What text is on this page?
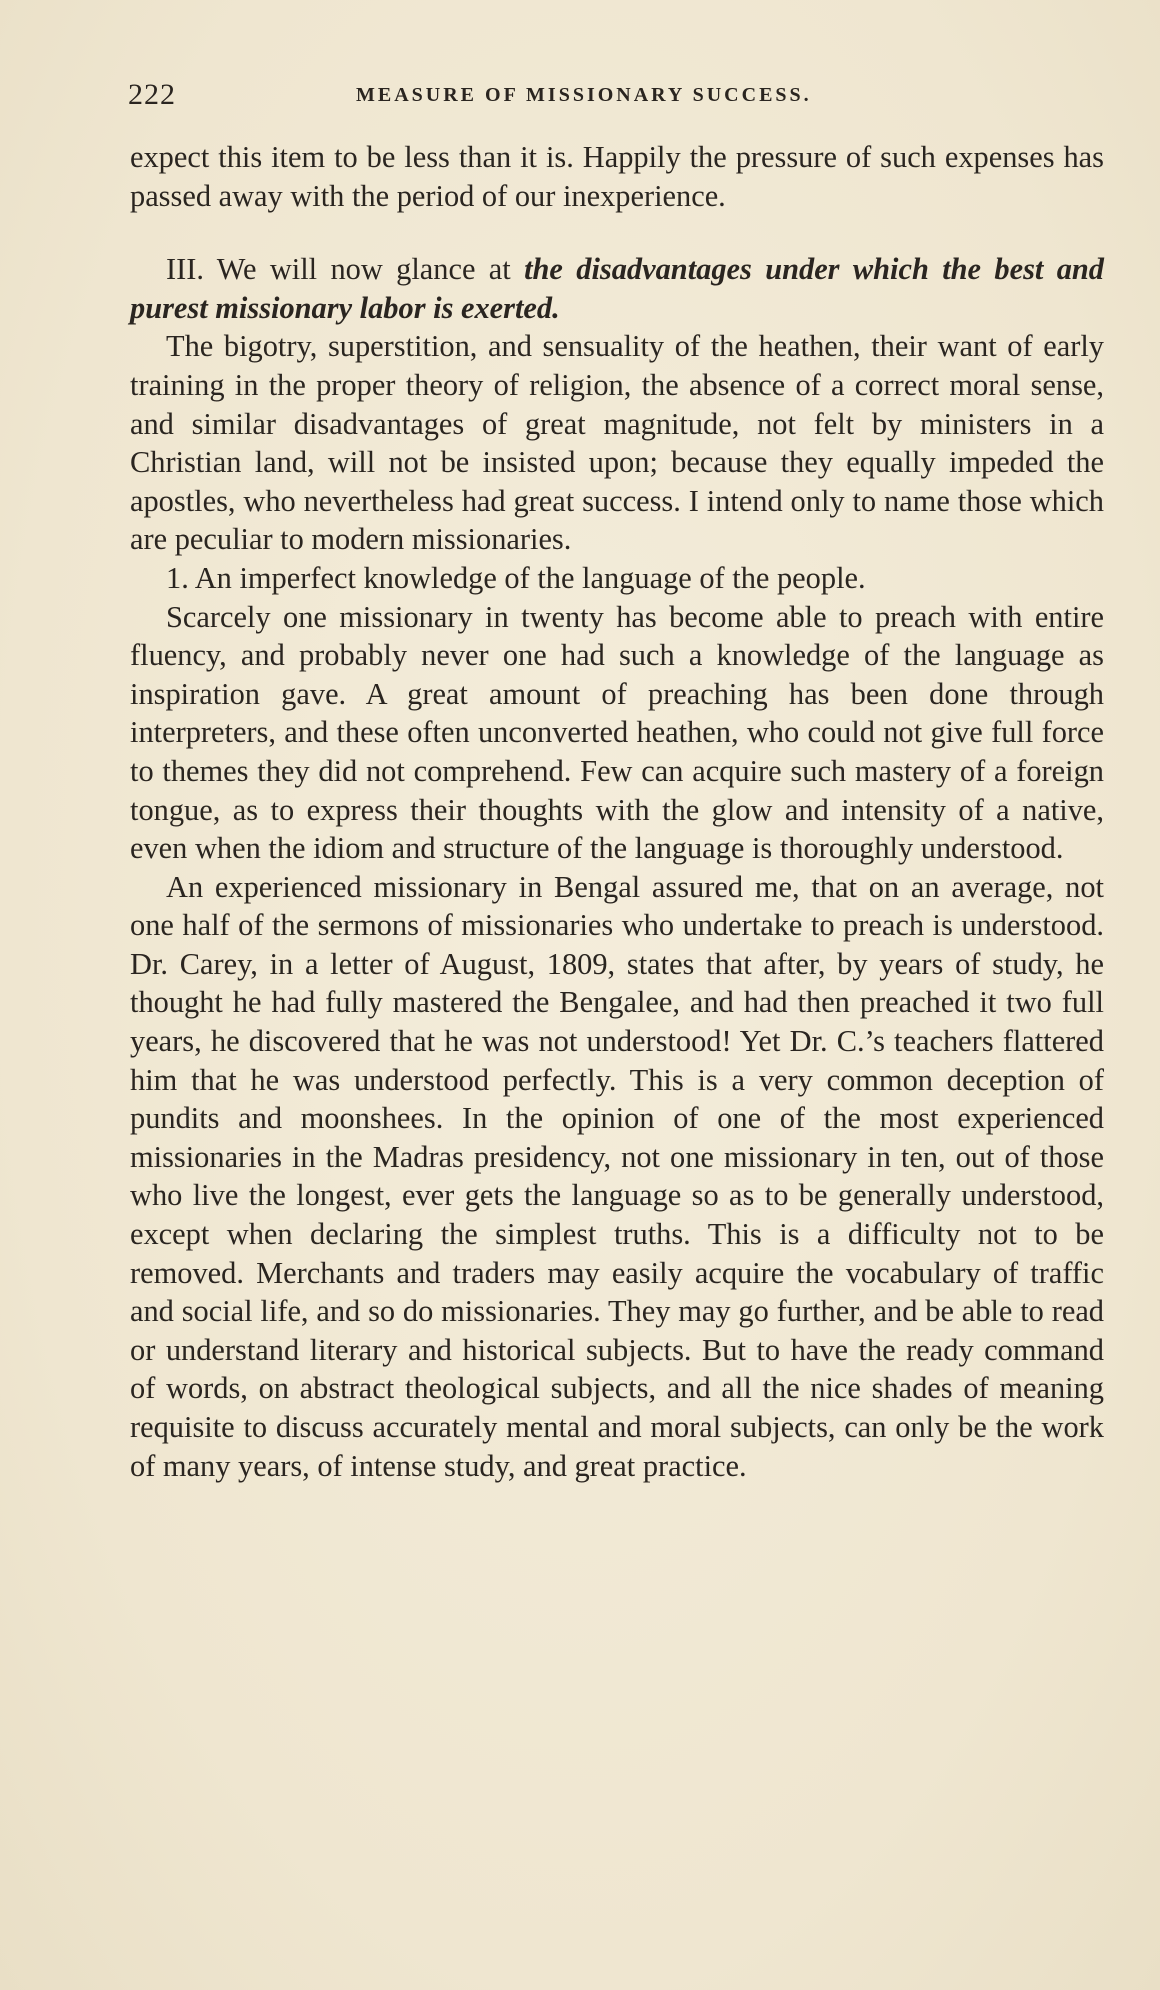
222	MEASURE OF MISSIONARY SUCCESS.

expect this item to be less than it is. Happily the pressure of such expenses has passed away with the period of our inexperience.

III. We will now glance at the disadvantages under which the best and purest missionary labor is exerted.

The bigotry, superstition, and sensuality of the heathen, their want of early training in the proper theory of religion, the absence of a correct moral sense, and similar disadvantages of great magnitude, not felt by ministers in a Christian land, will not be insisted upon; because they equally impeded the apostles, who nevertheless had great success. I intend only to name those which are peculiar to modern missionaries.

1. An imperfect knowledge of the language of the people.

Scarcely one missionary in twenty has become able to preach with entire fluency, and probably never one had such a knowledge of the language as inspiration gave. A great amount of preaching has been done through interpreters, and these often unconverted heathen, who could not give full force to themes they did not comprehend. Few can acquire such mastery of a foreign tongue, as to express their thoughts with the glow and intensity of a native, even when the idiom and structure of the language is thoroughly understood.

An experienced missionary in Bengal assured me, that on an average, not one half of the sermons of missionaries who undertake to preach is understood. Dr. Carey, in a letter of August, 1809, states that after, by years of study, he thought he had fully mastered the Bengalee, and had then preached it two full years, he discovered that he was not understood! Yet Dr. C.’s teachers flattered him that he was understood perfectly. This is a very common deception of pundits and moonshees. In the opinion of one of the most experienced missionaries in the Madras presidency, not one missionary in ten, out of those who live the longest, ever gets the language so as to be generally understood, except when declaring the simplest truths. This is a difficulty not to be removed. Merchants and traders may easily acquire the vocabulary of traffic and social life, and so do missionaries. They may go further, and be able to read or understand literary and historical subjects. But to have the ready command of words, on abstract theological subjects, and all the nice shades of meaning requisite to discuss accurately mental and moral subjects, can only be the work of many years, of intense study, and great practice.
